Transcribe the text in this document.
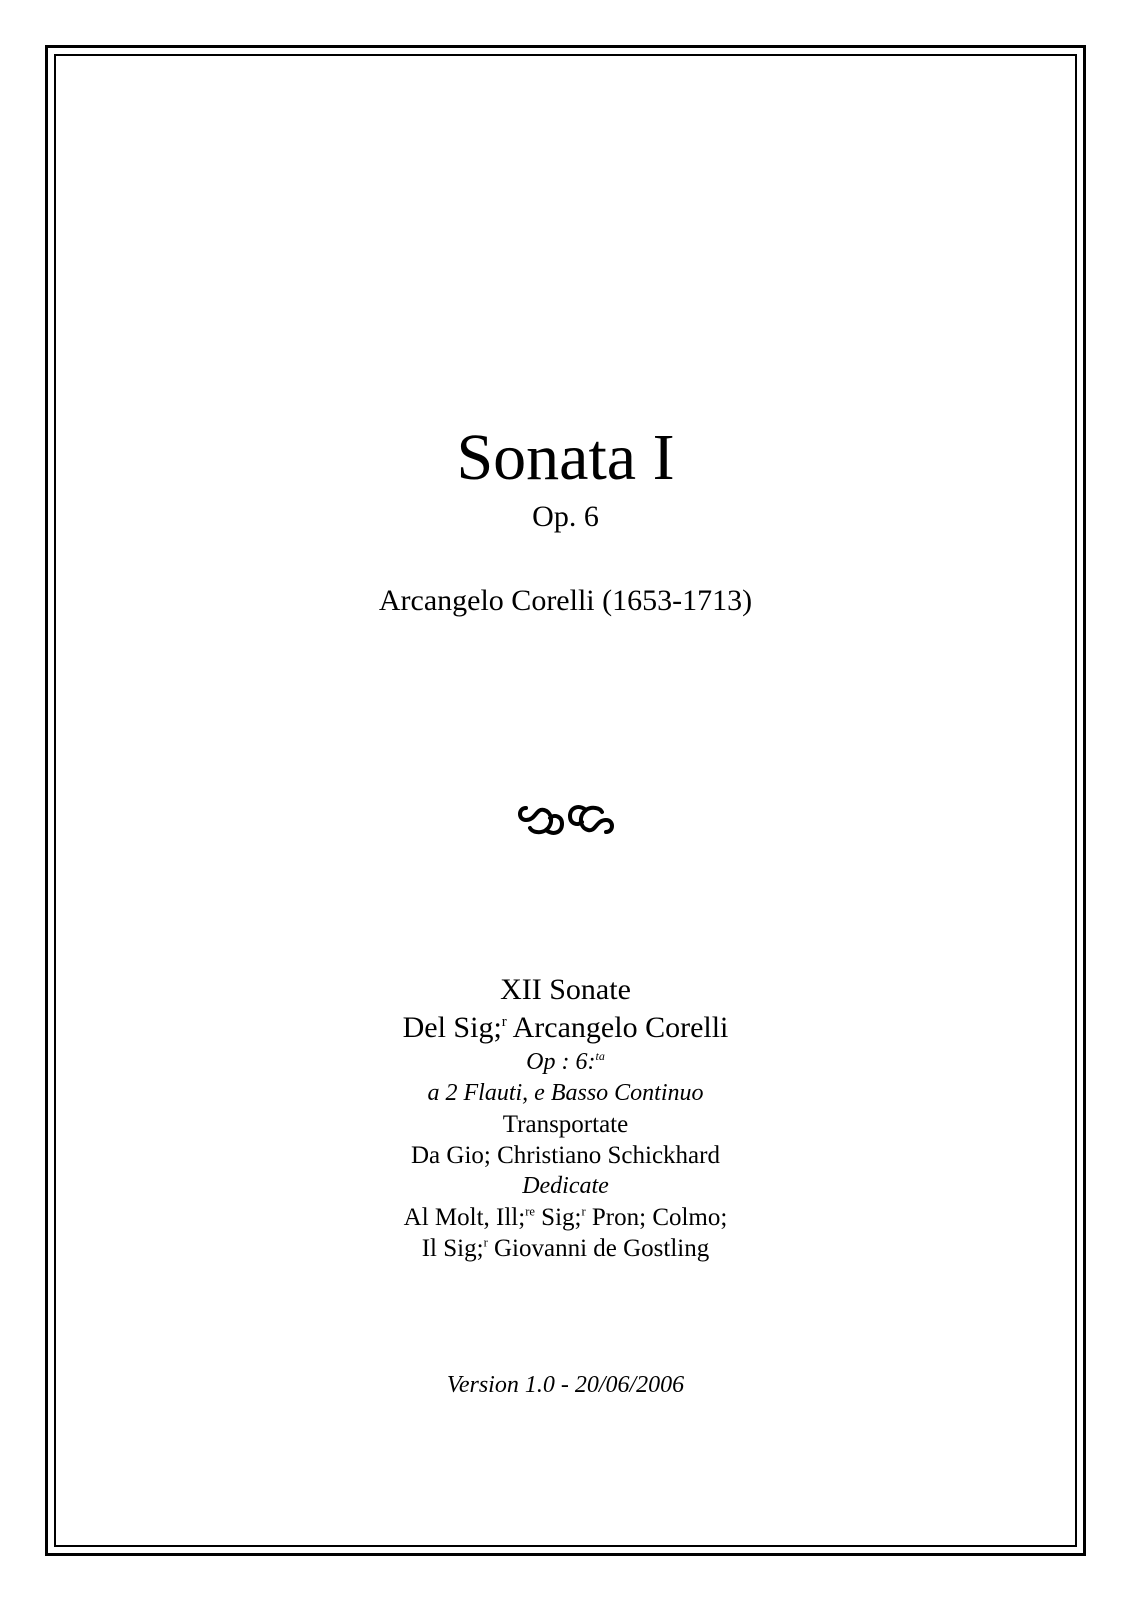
Sonata I
Op. 6
Arcangelo Corelli (1653-1713)
XII Sonate
Del Sig;$^r$ Arcangelo Corelli
Op : 6:$^{ta}$
a 2 Flauti, e Basso Continuo
Transportate
Da Gio; Christiano Schickhard
Dedicate
Al Molt, Ill;$^{re}$ Sig;$^r$ Pron; Colmo;
Il Sig;$^r$ Giovanni de Gostling
Version 1.0 - 20/06/2006
